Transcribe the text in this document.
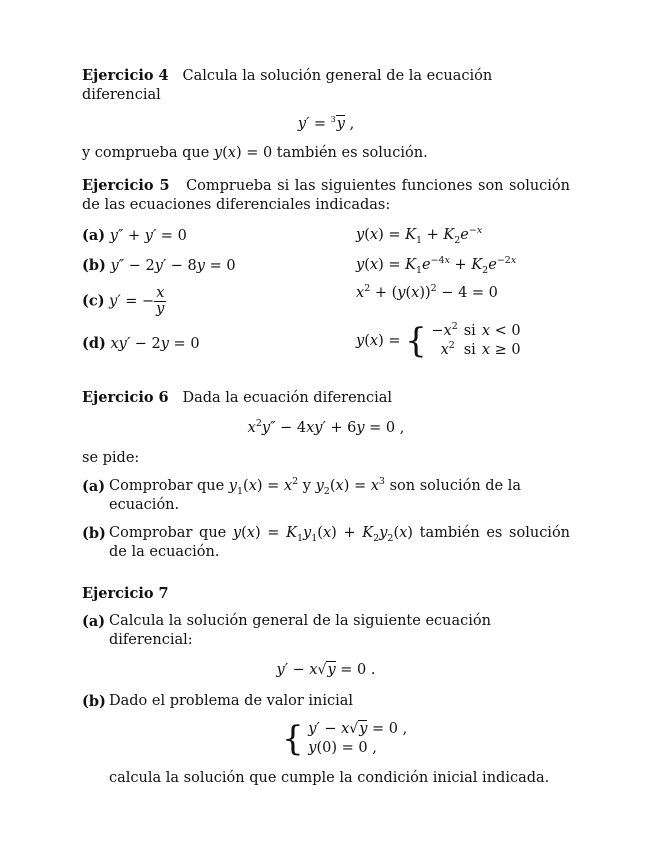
Ejercicio 4 Calcula la solución general de la ecuación diferencial

y′ = $^3$y ,

y comprueba que y(x) = 0 también es solución.

Ejercicio 5 Comprueba si las siguientes funciones son solución de las ecuaciones diferenciales indicadas:

(a) y″ + y′ = 0	$y(x) = K_1 + K_2e^{-x}$
(b) y″ − 2y′ − 8y = 0	$y(x) = K_1e^{-4x} + K_2e^{-2x}$
(c) y′ = − $\frac{x}{y}$	$x^2 + (y(x))^2 - 4 = 0$
(d) xy′ − 2y = 0	y(x) = { $-x^2$	si	x < 0
$x^2$	si	x ≥ 0

Ejercicio 6 Dada la ecuación diferencial

$x^2y'' - 4xy' + 6y = 0$ ,

se pide:

(a) Comprobar que $y_1(x) = x^2$ y $y_2(x) = x^3$ son solución de la ecuación.
(b) Comprobar que $y(x) = K_1y_1(x) + K_2y_2(x)$ también es solución de la ecuación.

Ejercicio 7

(a) Calcula la solución general de la siguiente ecuación diferencial:
y′ − x√y = 0 .
(b) Dado el problema de valor inicial
{ y′ − x√y = 0 ,
y(0) = 0 ,

calcula la solución que cumple la condición inicial indicada.
